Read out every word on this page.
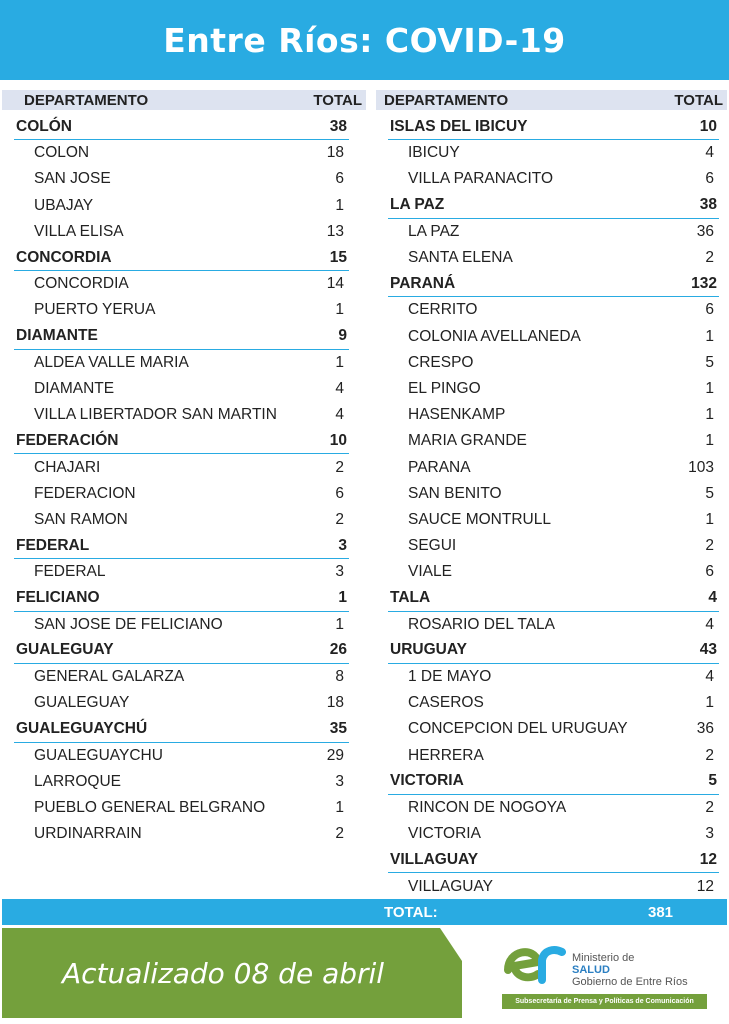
Entre Ríos: COVID-19
DEPARTAMENTO	TOTAL DEPARTAMENTO	TOTAL
COLÓN	38
COLON	18
SAN JOSE	6
UBAJAY	1
VILLA ELISA	13
CONCORDIA	15
CONCORDIA	14
PUERTO YERUA	1
DIAMANTE	9
ALDEA VALLE MARIA	1
DIAMANTE	4
VILLA LIBERTADOR SAN MARTIN	4
FEDERACIÓN	10
CHAJARI	2
FEDERACION	6
SAN RAMON	2
FEDERAL	3
FEDERAL	3
FELICIANO	1
SAN JOSE DE FELICIANO	1
GUALEGUAY	26
GENERAL GALARZA	8
GUALEGUAY	18
GUALEGUAYCHÚ	35
GUALEGUAYCHU	29
LARROQUE	3
PUEBLO GENERAL BELGRANO	1
URDINARRAIN	2
ISLAS DEL IBICUY	10
IBICUY	4
VILLA PARANACITO	6
LA PAZ	38
LA PAZ	36
SANTA ELENA	2
PARANÁ	132
CERRITO	6
COLONIA AVELLANEDA	1
CRESPO	5
EL PINGO	1
HASENKAMP	1
MARIA GRANDE	1
PARANA	103
SAN BENITO	5
SAUCE MONTRULL	1
SEGUI	2
VIALE	6
TALA	4
ROSARIO DEL TALA	4
URUGUAY	43
1 DE MAYO	4
CASEROS	1
CONCEPCION DEL URUGUAY	36
HERRERA	2
VICTORIA	5
RINCON DE NOGOYA	2
VICTORIA	3
VILLAGUAY	12
VILLAGUAY	12
TOTAL:	381
Actualizado 08 de abril	Ministerio de
SALUD
Gobierno de Entre Ríos
Subsecretaría de Prensa y Políticas de Comunicación
